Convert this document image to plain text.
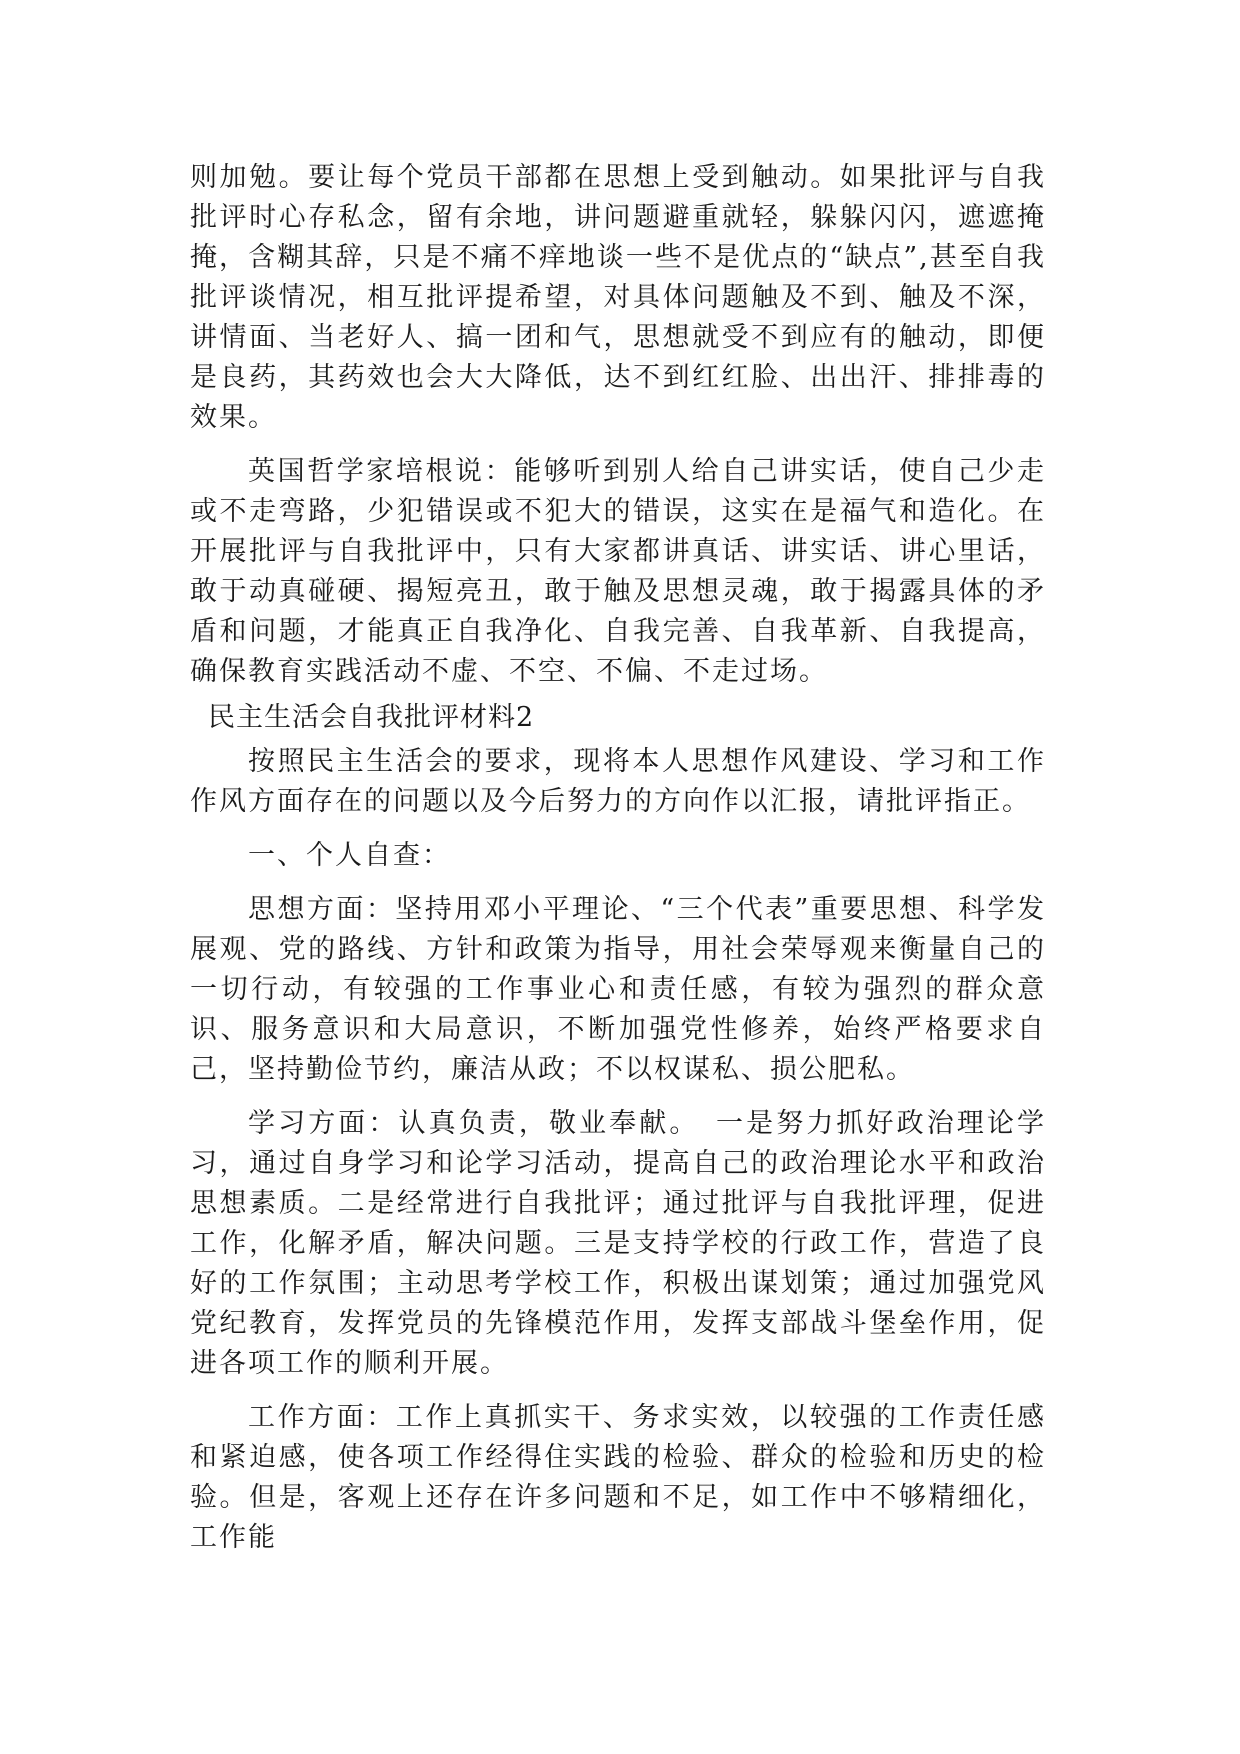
则加勉。要让每个党员干部都在思想上受到触动。如果批评与自我批评时心存私念，留有余地，讲问题避重就轻，躲躲闪闪，遮遮掩掩，含糊其辞，只是不痛不痒地谈一些不是优点的“缺点”,甚至自我批评谈情况，相互批评提希望，对具体问题触及不到、触及不深，讲情面、当老好人、搞一团和气，思想就受不到应有的触动，即便是良药，其药效也会大大降低，达不到红红脸、出出汗、排排毒的效果。

英国哲学家培根说：能够听到别人给自己讲实话，使自己少走或不走弯路，少犯错误或不犯大的错误，这实在是福气和造化。在开展批评与自我批评中，只有大家都讲真话、讲实话、讲心里话，敢于动真碰硬、揭短亮丑，敢于触及思想灵魂，敢于揭露具体的矛盾和问题，才能真正自我净化、自我完善、自我革新、自我提高，确保教育实践活动不虚、不空、不偏、不走过场。

民主生活会自我批评材料2

按照民主生活会的要求，现将本人思想作风建设、学习和工作作风方面存在的问题以及今后努力的方向作以汇报，请批评指正。

一、个人自查：

思想方面：坚持用邓小平理论、“三个代表”重要思想、科学发展观、党的路线、方针和政策为指导，用社会荣辱观来衡量自己的一切行动，有较强的工作事业心和责任感，有较为强烈的群众意识、服务意识和大局意识，不断加强党性修养，始终严格要求自己，坚持勤俭节约，廉洁从政；不以权谋私、损公肥私。

学习方面：认真负责，敬业奉献。　一是努力抓好政治理论学习，通过自身学习和论学习活动，提高自己的政治理论水平和政治思想素质。二是经常进行自我批评；通过批评与自我批评理，促进工作，化解矛盾，解决问题。三是支持学校的行政工作，营造了良好的工作氛围；主动思考学校工作，积极出谋划策；通过加强党风党纪教育，发挥党员的先锋模范作用，发挥支部战斗堡垒作用，促进各项工作的顺利开展。

工作方面：工作上真抓实干、务求实效，以较强的工作责任感和紧迫感，使各项工作经得住实践的检验、群众的检验和历史的检验。但是，客观上还存在许多问题和不足，如工作中不够精细化，工作能
